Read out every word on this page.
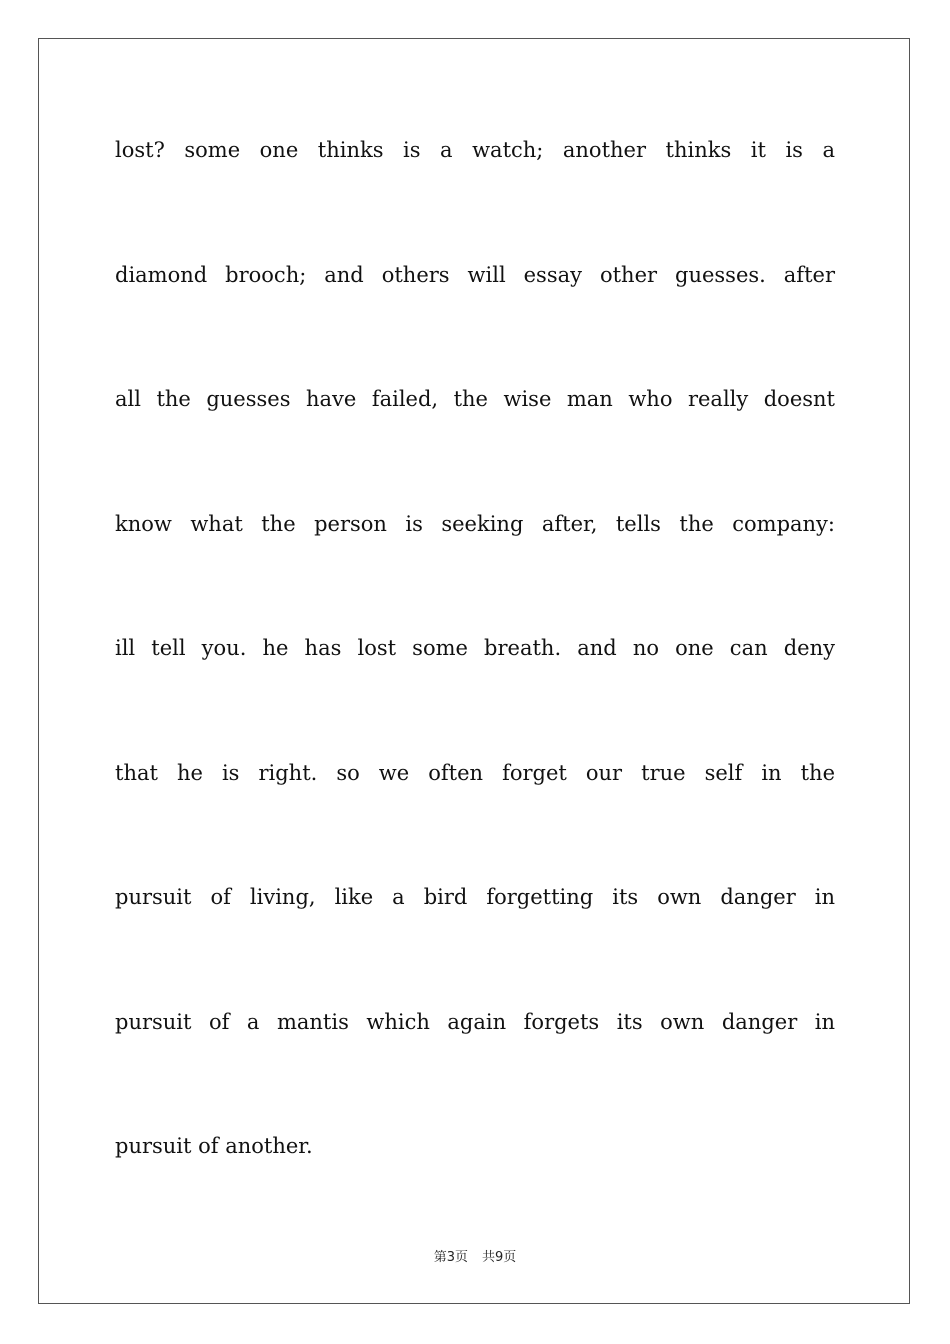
lost? some one thinks is a watch; another thinks it is a
diamond brooch; and others will essay other guesses. after
all the guesses have failed, the wise man who really doesnt
know what the person is seeking after, tells the company:
ill tell you. he has lost some breath. and no one can deny
that he is right. so we often forget our true self in the
pursuit of living, like a bird forgetting its own danger in
pursuit of a mantis which again forgets its own danger in
pursuit of another.
第3页 共9页
